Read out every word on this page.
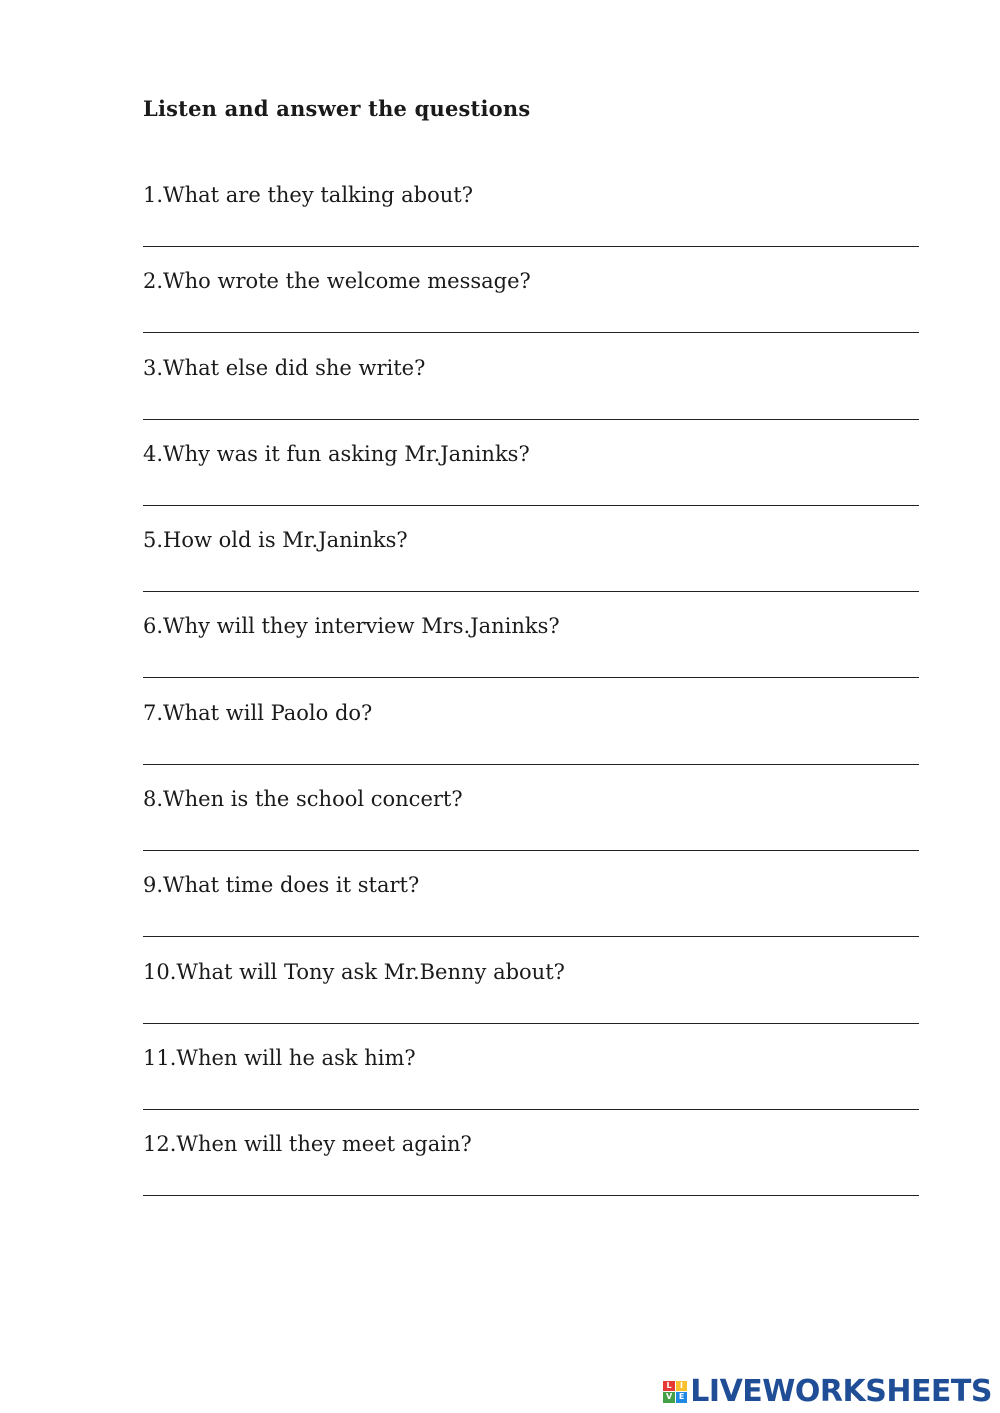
Listen and answer the questions
1.What are they talking about?
2.Who wrote the welcome message?
3.What else did she write?
4.Why was it fun asking Mr.Janinks?
5.How old is Mr.Janinks?
6.Why will they interview Mrs.Janinks?
7.What will Paolo do?
8.When is the school concert?
9.What time does it start?
10.What will Tony ask Mr.Benny about?
11.When will he ask him?
12.When will they meet again?
L	I
V E LIVEWORKSHEETS
